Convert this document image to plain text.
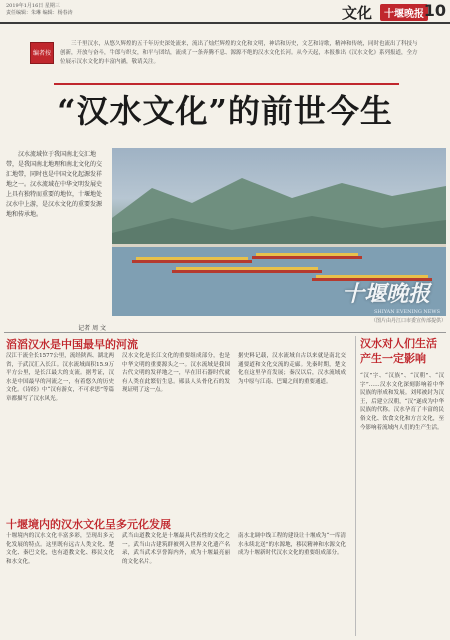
2019年1月16日 星期三
责任编辑：朱琳 编辑：杨春涛	文化	十堰晚报 10
编者按
三千里汉水，从悠久辉煌的五千年历史深处流来，流出了灿烂辉煌的文化和文明，神话和历史，文艺和诗歌，精神和传统，同时也流出了科技与创新，开放与奋斗，牛郎与织女，和平与团结，流成了一条奔腾不息、源源不绝的汉水文化长河。从今天起，本报推出《汉水文化》系列报道，全方位展示汉水文化的丰富内涵，敬请关注。
“汉水文化”的前世今生
汉水流域位于我国南北交汇地带，是我国南北地理和南北文化的交汇地带，同时也是中国文化起源发祥地之一。汉水流域在中华文明发展史上具有独特而重要的地位，十堰地处汉水中上游，是汉水文化的重要发源地和传承地。
记者 周 文
十堰晚报
SHIYAN EVENING NEWS
（图片由丹江口市委宣传部提供）
滔滔汉水是中国最早的河流
汉江干流全长1577公里，流经陕西、湖北两省，于武汉汇入长江。汉水流域面积15.9万平方公里，是长江最大的支流。据考证，汉水是中国最早的河流之一，有着悠久的历史文化。《诗经》中“汉有游女，不可求思”等篇章都描写了汉水风光。
汉水文化是长江文化的重要组成部分，也是中华文明的重要源头之一。汉水流域是我国古代文明的发祥地之一，早在旧石器时代就有人类在此繁衍生息。郧县人头骨化石的发现证明了这一点。
据史料记载，汉水流域自古以来就是南北交通要道和文化交流的走廊。先秦时期，楚文化在这里孕育发展；秦汉以后，汉水流域成为中原与江南、巴蜀之间的重要通道。
十堰境内的汉水文化呈多元化发展
十堰境内的汉水文化丰富多彩，呈现出多元化发展的特点。这里既有远古人类文化、楚文化、秦巴文化，也有道教文化、移民文化和水文化。
武当山道教文化是十堰最具代表性的文化之一。武当山古建筑群被列入世界文化遗产名录，武当武术享誉海内外，成为十堰最亮丽的文化名片。
南水北调中线工程的建设让十堰成为“一库清水永续北送”的水源地，移民精神和水源文化成为十堰新时代汉水文化的重要组成部分。
汉水对人们生活产生一定影响
“汉”字、“汉族”、“汉朝”、“汉字”……汉水文化深刻影响着中华民族的形成和发展。刘邦被封为汉王，后建立汉朝，“汉”遂成为中华民族的代称。汉水孕育了丰富的民俗文化、饮食文化和方言文化，至今影响着流域内人们的生产生活。
